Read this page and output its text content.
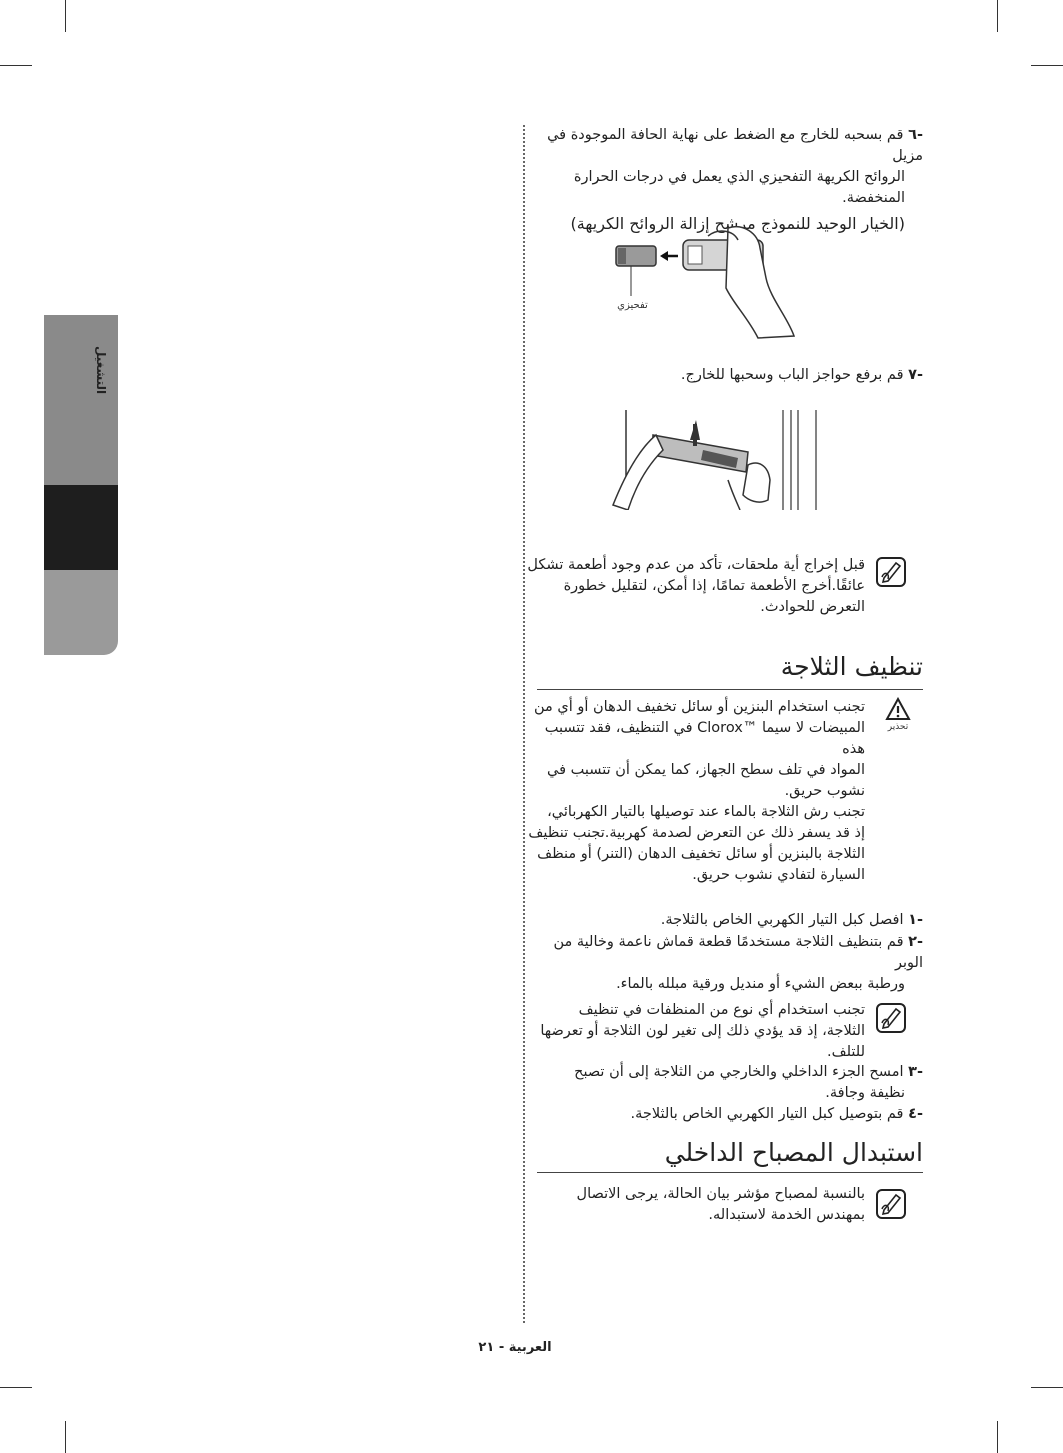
التشغيل
-٦ قم بسحبه للخارج مع الضغط على نهاية الحافة الموجودة في مزيل
الروائح الكريهة التفحيزي الذي يعمل في درجات الحرارة المنخفضة.
(الخيار الوحيد للنموذج مرشح إزالة الروائح الكريهة)
تفحيزي
-٧ قم برفع حواجز الباب وسحبها للخارج.
قبل إخراج أية ملحقات، تأكد من عدم وجود أطعمة تشكل
عائقًا.أخرج الأطعمة تمامًا، إذا أمكن، لتقليل خطورة
التعرض للحوادث.
تنظيف الثلاجة
تحذير
تجنب استخدام البنزين أو سائل تخفيف الدهان أو أي من
المبيضات لا سيما ™Clorox في التنظيف، فقد تتسبب هذه
المواد في تلف سطح الجهاز، كما يمكن أن تتسبب في
نشوب حريق.
تجنب رش الثلاجة بالماء عند توصيلها بالتيار الكهربائي،
إذ قد يسفر ذلك عن التعرض لصدمة كهربية.تجنب تنظيف
الثلاجة بالبنزين أو سائل تخفيف الدهان (التنر) أو منظف
السيارة لتفادي نشوب حريق.
-١ افصل كبل التيار الكهربي الخاص بالثلاجة.
-٢ قم بتنظيف الثلاجة مستخدمًا قطعة قماش ناعمة وخالية من الوبر
ورطبة ببعض الشيء أو منديل ورقية مبلله بالماء.
تجنب استخدام أي نوع من المنظفات في تنظيف
الثلاجة، إذ قد يؤدي ذلك إلى تغير لون الثلاجة أو تعرضها
للتلف.
-٣ امسح الجزء الداخلي والخارجي من الثلاجة إلى أن تصبح
نظيفة وجافة.
-٤ قم بتوصيل كبل التيار الكهربي الخاص بالثلاجة.
استبدال المصباح الداخلي
بالنسبة لمصباح مؤشر بيان الحالة، يرجى الاتصال
بمهندس الخدمة لاستبداله.
العربية - ٢١
